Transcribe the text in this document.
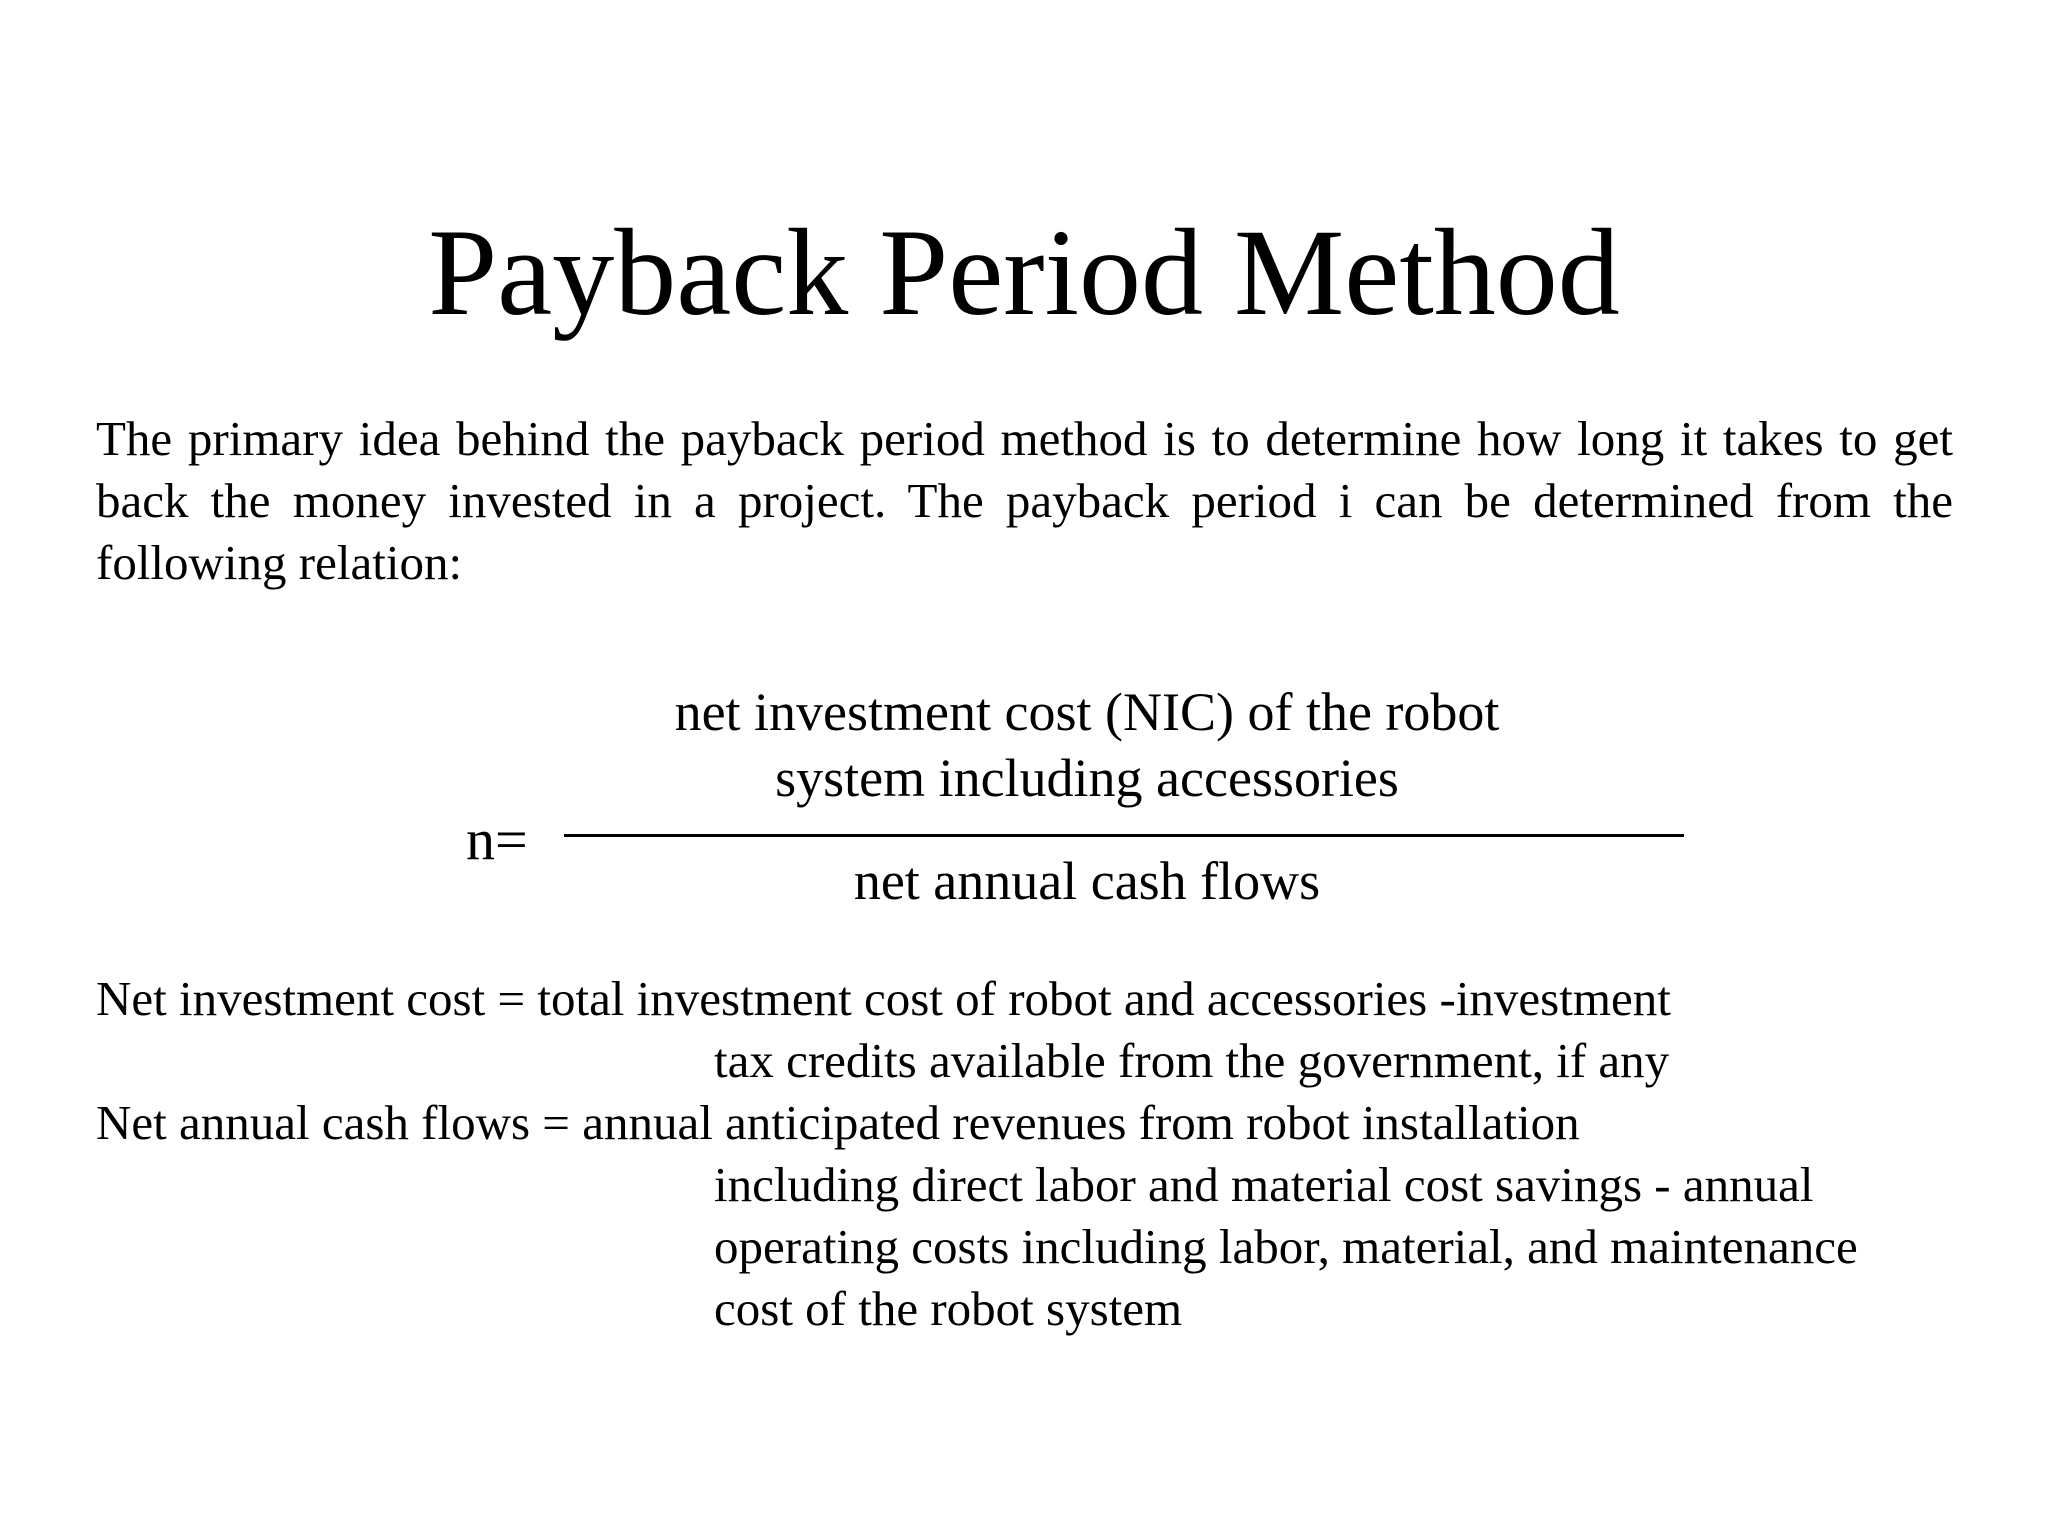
Payback Period Method
The primary idea behind the payback period method is to determine how long it takes to get back the money invested in a project. The payback period i can be determined from the following relation:
n=
net investment cost (NIC) of the robot
system including accessories
net annual cash flows
Net investment cost = total investment cost of robot and accessories -investment
tax credits available from the government, if any
Net annual cash flows = annual anticipated revenues from robot installation
including direct labor and material cost savings - annual
operating costs including labor, material, and maintenance
cost of the robot system
